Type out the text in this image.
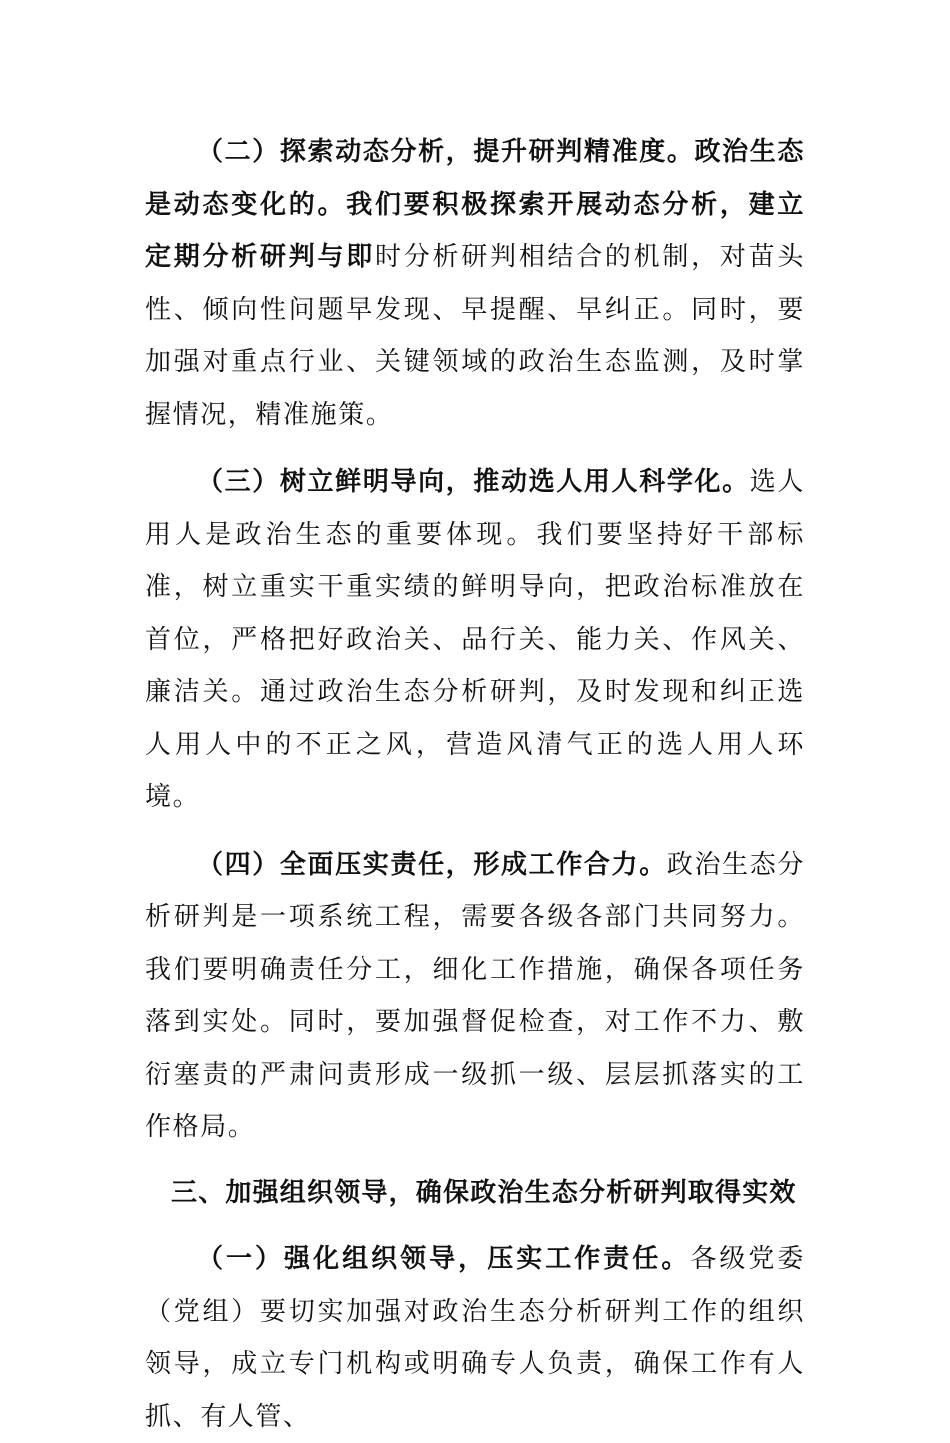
（二）探索动态分析，提升研判精准度。政治生态是动态变化的。我们要积极探索开展动态分析，建立定期分析研判与即时分析研判相结合的机制，对苗头性、倾向性问题早发现、早提醒、早纠正。同时，要加强对重点行业、关键领域的政治生态监测，及时掌握情况，精准施策。

（三）树立鲜明导向，推动选人用人科学化。选人用人是政治生态的重要体现。我们要坚持好干部标准，树立重实干重实绩的鲜明导向，把政治标准放在首位，严格把好政治关、品行关、能力关、作风关、廉洁关。通过政治生态分析研判，及时发现和纠正选人用人中的不正之风，营造风清气正的选人用人环境。

（四）全面压实责任，形成工作合力。政治生态分析研判是一项系统工程，需要各级各部门共同努力。我们要明确责任分工，细化工作措施，确保各项任务落到实处。同时，要加强督促检查，对工作不力、敷衍塞责的严肃问责形成一级抓一级、层层抓落实的工作格局。

三、加强组织领导，确保政治生态分析研判取得实效

（一）强化组织领导，压实工作责任。各级党委（党组）要切实加强对政治生态分析研判工作的组织领导，成立专门机构或明确专人负责，确保工作有人抓、有人管、
